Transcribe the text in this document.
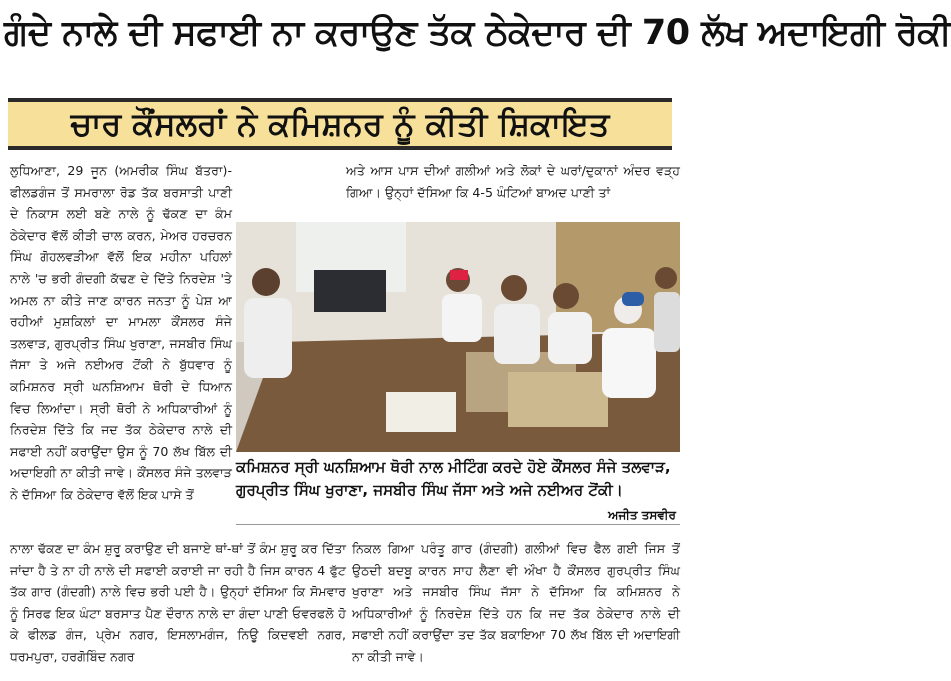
ਗੰਦੇ ਨਾਲੇ ਦੀ ਸਫਾਈ ਨਾ ਕਰਾਉਣ ਤੱਕ ਠੇਕੇਦਾਰ ਦੀ 70 ਲੱਖ ਅਦਾਇਗੀ ਰੋਕੀ
ਚਾਰ ਕੌਂਸਲਰਾਂ ਨੇ ਕਮਿਸ਼ਨਰ ਨੂੰ ਕੀਤੀ ਸ਼ਿਕਾਇਤ

ਲੁਧਿਆਣਾ, 29 ਜੂਨ (ਅਮਰੀਕ ਸਿੰਘ ਬੱਤਰਾ)-ਫੀਲਡਗੰਜ ਤੋਂ ਸਮਰਾਲਾ ਰੋਡ ਤੱਕ ਬਰਸਾਤੀ ਪਾਣੀ ਦੇ ਨਿਕਾਸ ਲਈ ਬਣੇ ਨਾਲੇ ਨੂੰ ਢੱਕਣ ਦਾ ਕੰਮ ਠੇਕੇਦਾਰ ਵੱਲੋਂ ਕੀੜੀ ਚਾਲ ਕਰਨ, ਮੇਅਰ ਹਰਚਰਨ ਸਿੰਘ ਗੋਹਲਵੜੀਆ ਵੱਲੋਂ ਇਕ ਮਹੀਨਾ ਪਹਿਲਾਂ ਨਾਲੇ 'ਚ ਭਰੀ ਗੰਦਗੀ ਕੱਢਣ ਦੇ ਦਿੱਤੇ ਨਿਰਦੇਸ਼ 'ਤੇ ਅਮਲ ਨਾ ਕੀਤੇ ਜਾਣ ਕਾਰਨ ਜਨਤਾ ਨੂੰ ਪੇਸ਼ ਆ ਰਹੀਆਂ ਮੁਸ਼ਕਿਲਾਂ ਦਾ ਮਾਮਲਾ ਕੌਂਸਲਰ ਸੰਜੇ ਤਲਵਾੜ, ਗੁਰਪ੍ਰੀਤ ਸਿੰਘ ਖੁਰਾਣਾ, ਜਸਬੀਰ ਸਿੰਘ ਜੱਸਾ ਤੇ ਅਜੇ ਨਈਅਰ ਟੋਂਕੀ ਨੇ ਬੁੱਧਵਾਰ ਨੂੰ ਕਮਿਸ਼ਨਰ ਸ੍ਰੀ ਘਨਸ਼ਿਆਮ ਥੋਰੀ ਦੇ ਧਿਆਨ ਵਿਚ ਲਿਆਂਦਾ। ਸ੍ਰੀ ਥੋਰੀ ਨੇ ਅਧਿਕਾਰੀਆਂ ਨੂੰ ਨਿਰਦੇਸ਼ ਦਿੱਤੇ ਕਿ ਜਦ ਤੱਕ ਠੇਕੇਦਾਰ ਨਾਲੇ ਦੀ ਸਫਾਈ ਨਹੀਂ ਕਰਾਉਂਦਾ ਉਸ ਨੂੰ 70 ਲੱਖ ਬਿੱਲ ਦੀ ਅਦਾਇਗੀ ਨਾ ਕੀਤੀ ਜਾਵੇ। ਕੌਂਸਲਰ ਸੰਜੇ ਤਲਵਾੜ ਨੇ ਦੱਸਿਆ ਕਿ ਠੇਕੇਦਾਰ ਵੱਲੋਂ ਇਕ ਪਾਸੇ ਤੋਂ

ਅਤੇ ਆਸ ਪਾਸ ਦੀਆਂ ਗਲੀਆਂ ਅਤੇ ਲੋਕਾਂ ਦੇ ਘਰਾਂ/ਦੁਕਾਨਾਂ ਅੰਦਰ ਵੜ੍ਹ ਗਿਆ। ਉਨ੍ਹਾਂ ਦੱਸਿਆ ਕਿ 4-5 ਘੰਟਿਆਂ ਬਾਅਦ ਪਾਣੀ ਤਾਂ

ਕਮਿਸ਼ਨਰ ਸ੍ਰੀ ਘਨਸ਼ਿਆਮ ਥੋਰੀ ਨਾਲ ਮੀਟਿੰਗ ਕਰਦੇ ਹੋਏ ਕੌਂਸਲਰ ਸੰਜੇ ਤਲਵਾੜ, ਗੁਰਪ੍ਰੀਤ ਸਿੰਘ ਖੁਰਾਣਾ, ਜਸਬੀਰ ਸਿੰਘ ਜੱਸਾ ਅਤੇ ਅਜੇ ਨਈਅਰ ਟੋਂਕੀ।
ਅਜੀਤ ਤਸਵੀਰ

ਨਾਲਾ ਢੱਕਣ ਦਾ ਕੰਮ ਸ਼ੁਰੂ ਕਰਾਉਣ ਦੀ ਬਜਾਏ ਥਾਂ-ਥਾਂ ਤੋਂ ਕੰਮ ਸ਼ੁਰੂ ਕਰ ਦਿੱਤਾ ਜਾਂਦਾ ਹੈ ਤੇ ਨਾ ਹੀ ਨਾਲੇ ਦੀ ਸਫਾਈ ਕਰਾਈ ਜਾ ਰਹੀ ਹੈ ਜਿਸ ਕਾਰਨ 4 ਫੁੱਟ ਤੱਕ ਗਾਰ (ਗੰਦਗੀ) ਨਾਲੇ ਵਿਚ ਭਰੀ ਪਈ ਹੈ। ਉਨ੍ਹਾਂ ਦੱਸਿਆ ਕਿ ਸੋਮਵਾਰ ਨੂੰ ਸਿਰਫ ਇਕ ਘੰਟਾ ਬਰਸਾਤ ਪੈਣ ਦੌਰਾਨ ਨਾਲੇ ਦਾ ਗੰਦਾ ਪਾਣੀ ਓਵਰਫਲੋ ਹੋ ਕੇ ਫੀਲਡ ਗੰਜ, ਪ੍ਰੇਮ ਨਗਰ, ਇਸਲਾਮਗੰਜ, ਨਿਊ ਕਿਦਵਈ ਨਗਰ, ਧਰਮਪੁਰਾ, ਹਰਗੋਬਿੰਦ ਨਗਰ

ਨਿਕਲ ਗਿਆ ਪਰੰਤੂ ਗਾਰ (ਗੰਦਗੀ) ਗਲੀਆਂ ਵਿਚ ਫੈਲ ਗਈ ਜਿਸ ਤੋਂ ਉਠਦੀ ਬਦਬੂ ਕਾਰਨ ਸਾਹ ਲੈਣਾ ਵੀ ਔਖਾ ਹੈ ਕੌਂਸਲਰ ਗੁਰਪ੍ਰੀਤ ਸਿੰਘ ਖੁਰਾਣਾ ਅਤੇ ਜਸਬੀਰ ਸਿੰਘ ਜੱਸਾ ਨੇ ਦੱਸਿਆ ਕਿ ਕਮਿਸ਼ਨਰ ਨੇ ਅਧਿਕਾਰੀਆਂ ਨੂੰ ਨਿਰਦੇਸ਼ ਦਿੱਤੇ ਹਨ ਕਿ ਜਦ ਤੱਕ ਠੇਕੇਦਾਰ ਨਾਲੇ ਦੀ ਸਫਾਈ ਨਹੀਂ ਕਰਾਉਂਦਾ ਤਦ ਤੱਕ ਬਕਾਇਆ 70 ਲੱਖ ਬਿੱਲ ਦੀ ਅਦਾਇਗੀ ਨਾ ਕੀਤੀ ਜਾਵੇ।
